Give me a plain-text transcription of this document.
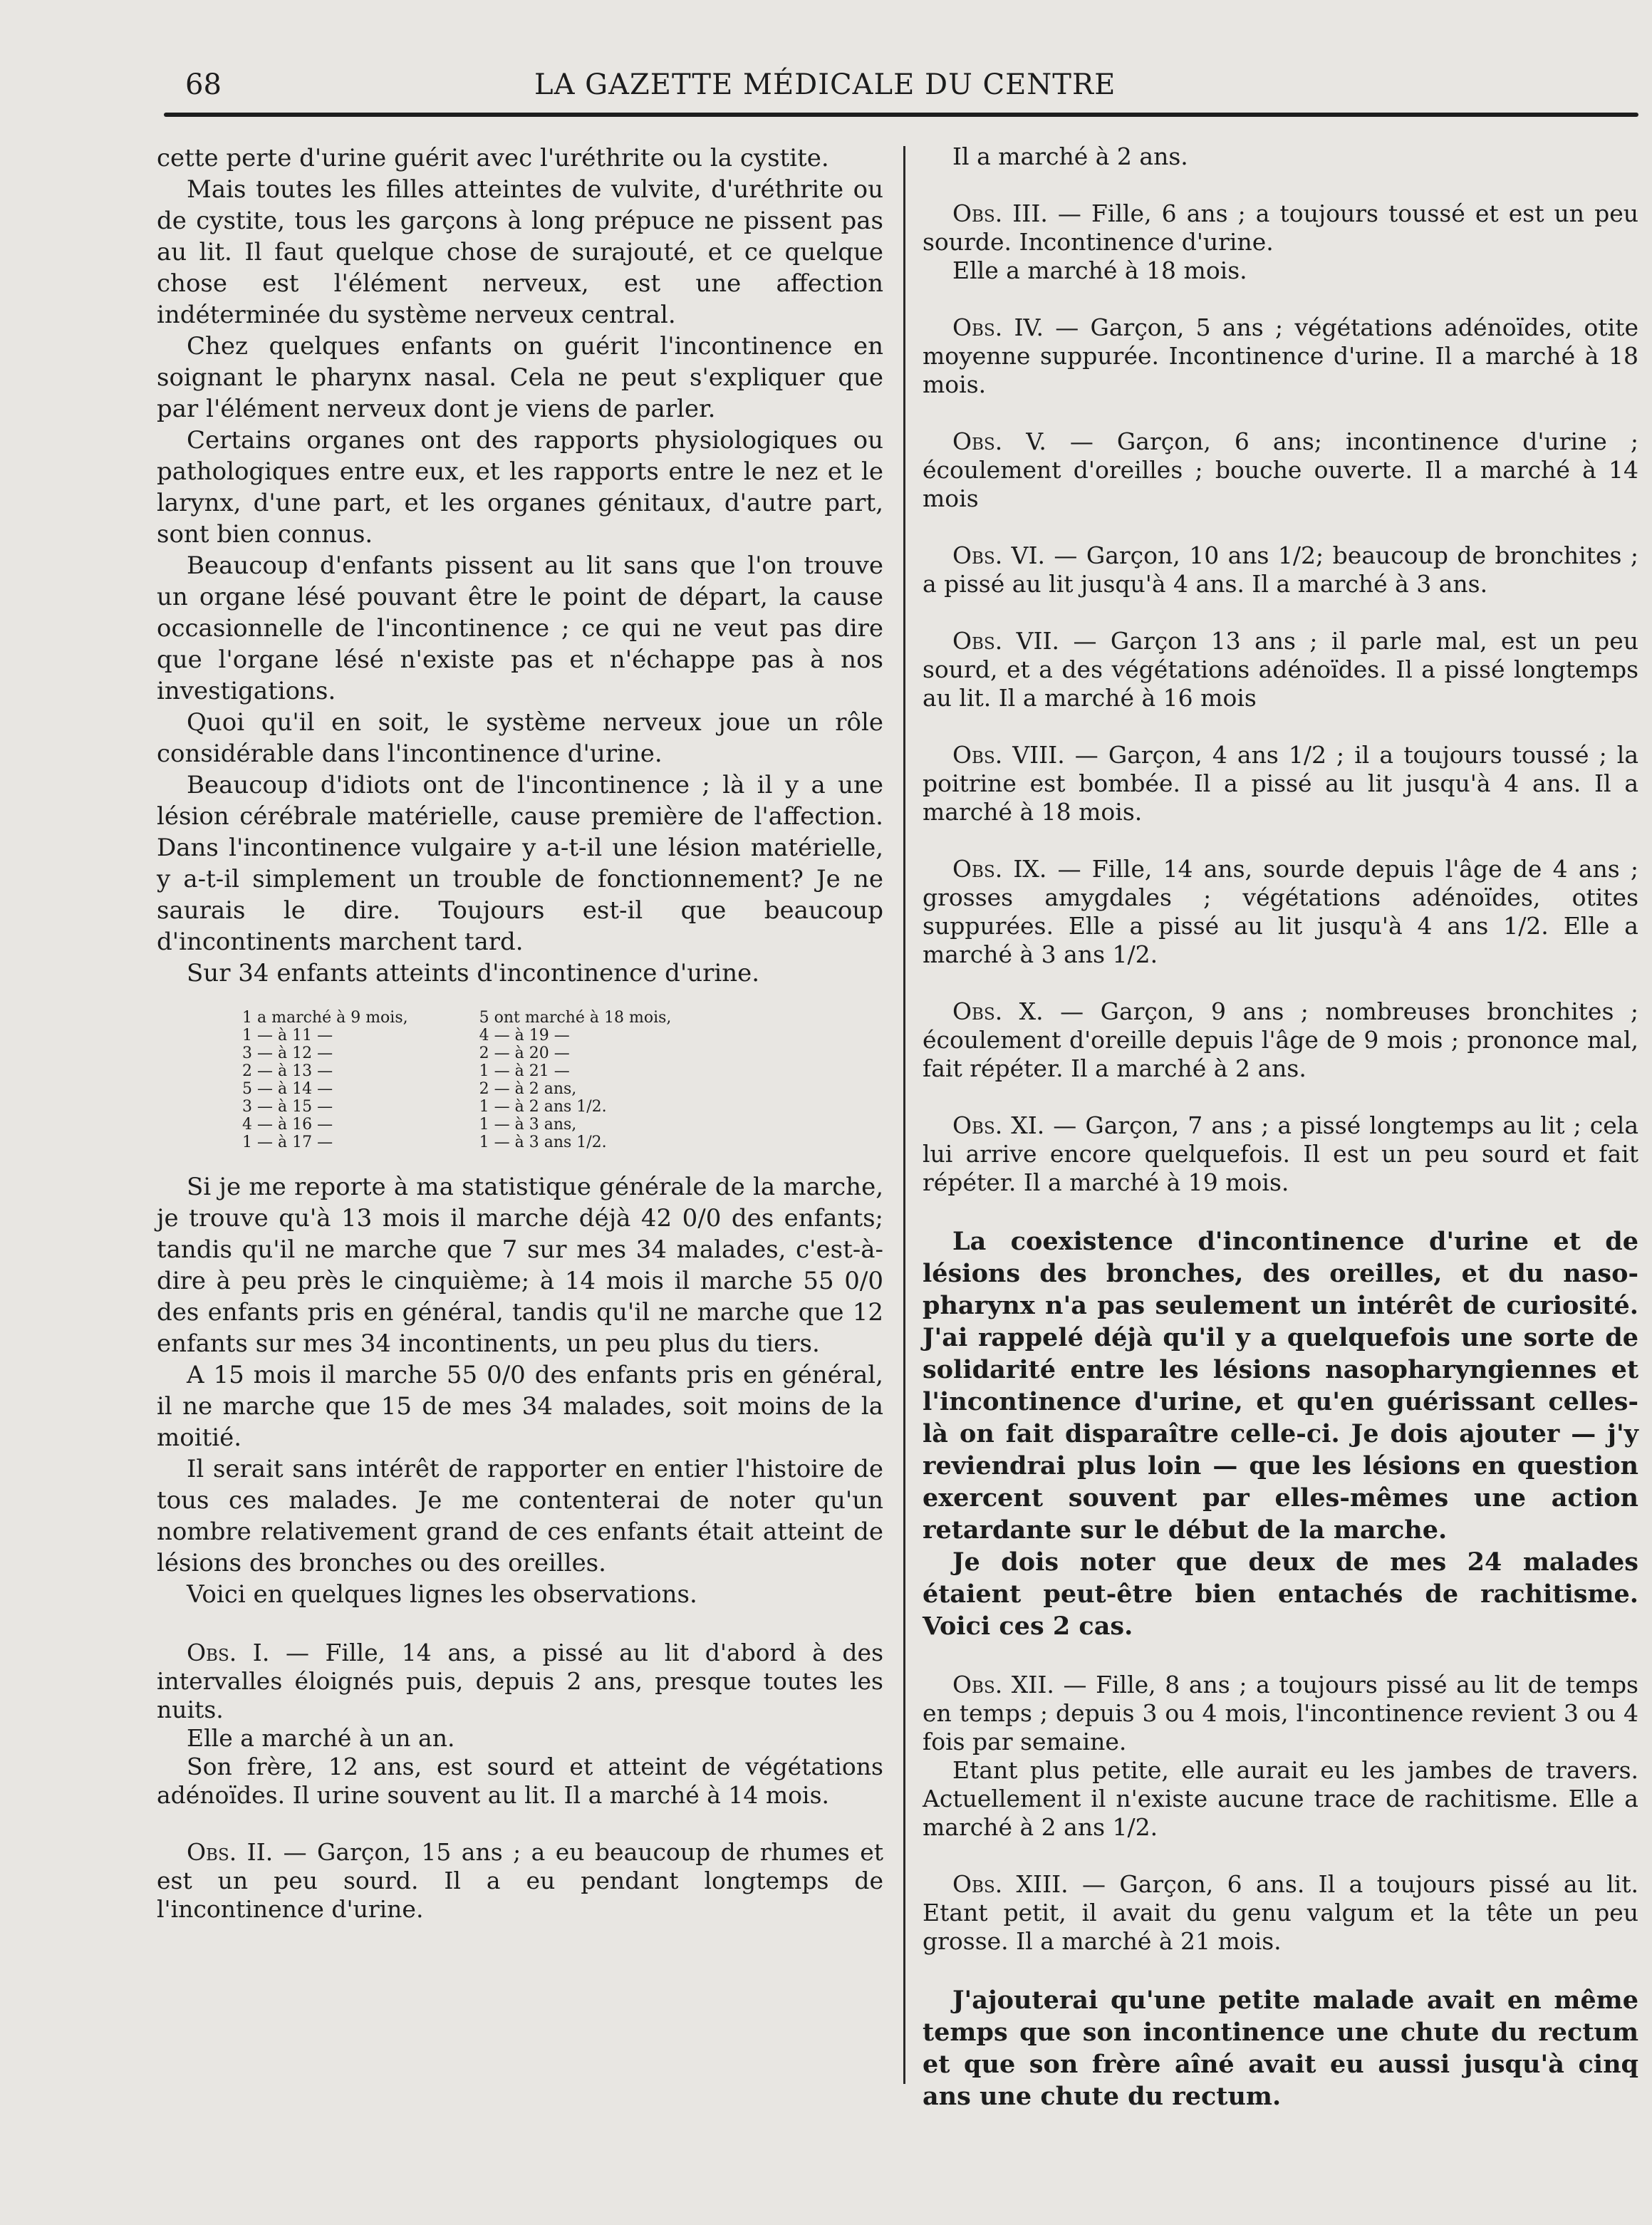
68	LA GAZETTE MÉDICALE DU CENTRE

cette perte d'urine guérit avec l'uréthrite ou la cystite.

Mais toutes les filles atteintes de vulvite, d'uréthrite ou de cystite, tous les garçons à long prépuce ne pissent pas au lit. Il faut quelque chose de surajouté, et ce quelque chose est l'élément nerveux, est une affection indéterminée du système nerveux central.

Chez quelques enfants on guérit l'incontinence en soignant le pharynx nasal. Cela ne peut s'expliquer que par l'élément nerveux dont je viens de parler.

Certains organes ont des rapports physiologiques ou pathologiques entre eux, et les rapports entre le nez et le larynx, d'une part, et les organes génitaux, d'autre part, sont bien connus.

Beaucoup d'enfants pissent au lit sans que l'on trouve un organe lésé pouvant être le point de départ, la cause occasionnelle de l'incontinence ; ce qui ne veut pas dire que l'organe lésé n'existe pas et n'échappe pas à nos investigations.

Quoi qu'il en soit, le système nerveux joue un rôle considérable dans l'incontinence d'urine.

Beaucoup d'idiots ont de l'incontinence ; là il y a une lésion cérébrale matérielle, cause première de l'affection. Dans l'incontinence vulgaire y a-t-il une lésion matérielle, y a-t-il simplement un trouble de fonctionnement? Je ne saurais le dire. Toujours est-il que beaucoup d'incontinents marchent tard.

Sur 34 enfants atteints d'incontinence d'urine.

1 a marché à 9 mois,
1 — à 11 —
3 — à 12 —
2 — à 13 —
5 — à 14 —
3 — à 15 —
4 — à 16 —
1 — à 17 —
5 ont marché à 18 mois,
4 — à 19 —
2 — à 20 —
1 — à 21 —
2 — à 2 ans,
1 — à 2 ans 1/2.
1 — à 3 ans,
1 — à 3 ans 1/2.

Si je me reporte à ma statistique générale de la marche, je trouve qu'à 13 mois il marche déjà 42 0/0 des enfants; tandis qu'il ne marche que 7 sur mes 34 malades, c'est-à-dire à peu près le cinquième; à 14 mois il marche 55 0/0 des enfants pris en général, tandis qu'il ne marche que 12 enfants sur mes 34 incontinents, un peu plus du tiers.

A 15 mois il marche 55 0/0 des enfants pris en général, il ne marche que 15 de mes 34 malades, soit moins de la moitié.

Il serait sans intérêt de rapporter en entier l'histoire de tous ces malades. Je me contenterai de noter qu'un nombre relativement grand de ces enfants était atteint de lésions des bronches ou des oreilles.

Voici en quelques lignes les observations.

Obs. I. — Fille, 14 ans, a pissé au lit d'abord à des intervalles éloignés puis, depuis 2 ans, presque toutes les nuits.

Elle a marché à un an.

Son frère, 12 ans, est sourd et atteint de végétations adénoïdes. Il urine souvent au lit. Il a marché à 14 mois.

Obs. II. — Garçon, 15 ans ; a eu beaucoup de rhumes et est un peu sourd. Il a eu pendant longtemps de l'incontinence d'urine.

Il a marché à 2 ans.

Obs. III. — Fille, 6 ans ; a toujours toussé et est un peu sourde. Incontinence d'urine.

Elle a marché à 18 mois.

Obs. IV. — Garçon, 5 ans ; végétations adénoïdes, otite moyenne suppurée. Incontinence d'urine. Il a marché à 18 mois.

Obs. V. — Garçon, 6 ans; incontinence d'urine ; écoulement d'oreilles ; bouche ouverte. Il a marché à 14 mois

Obs. VI. — Garçon, 10 ans 1/2; beaucoup de bronchites ; a pissé au lit jusqu'à 4 ans. Il a marché à 3 ans.

Obs. VII. — Garçon 13 ans ; il parle mal, est un peu sourd, et a des végétations adénoïdes. Il a pissé longtemps au lit. Il a marché à 16 mois

Obs. VIII. — Garçon, 4 ans 1/2 ; il a toujours toussé ; la poitrine est bombée. Il a pissé au lit jusqu'à 4 ans. Il a marché à 18 mois.

Obs. IX. — Fille, 14 ans, sourde depuis l'âge de 4 ans ; grosses amygdales ; végétations adénoïdes, otites suppurées. Elle a pissé au lit jusqu'à 4 ans 1/2. Elle a marché à 3 ans 1/2.

Obs. X. — Garçon, 9 ans ; nombreuses bronchites ; écoulement d'oreille depuis l'âge de 9 mois ; prononce mal, fait répéter. Il a marché à 2 ans.

Obs. XI. — Garçon, 7 ans ; a pissé longtemps au lit ; cela lui arrive encore quelquefois. Il est un peu sourd et fait répéter. Il a marché à 19 mois.

La coexistence d'incontinence d'urine et de lésions des bronches, des oreilles, et du naso-pharynx n'a pas seulement un intérêt de curiosité. J'ai rappelé déjà qu'il y a quelquefois une sorte de solidarité entre les lésions nasopharyngiennes et l'incontinence d'urine, et qu'en guérissant celles-là on fait disparaître celle-ci. Je dois ajouter — j'y reviendrai plus loin — que les lésions en question exercent souvent par elles-mêmes une action retardante sur le début de la marche.

Je dois noter que deux de mes 24 malades étaient peut-être bien entachés de rachitisme. Voici ces 2 cas.

Obs. XII. — Fille, 8 ans ; a toujours pissé au lit de temps en temps ; depuis 3 ou 4 mois, l'incontinence revient 3 ou 4 fois par semaine.

Etant plus petite, elle aurait eu les jambes de travers. Actuellement il n'existe aucune trace de rachitisme. Elle a marché à 2 ans 1/2.

Obs. XIII. — Garçon, 6 ans. Il a toujours pissé au lit. Etant petit, il avait du genu valgum et la tête un peu grosse. Il a marché à 21 mois.

J'ajouterai qu'une petite malade avait en même temps que son incontinence une chute du rectum et que son frère aîné avait eu aussi jusqu'à cinq ans une chute du rectum.
